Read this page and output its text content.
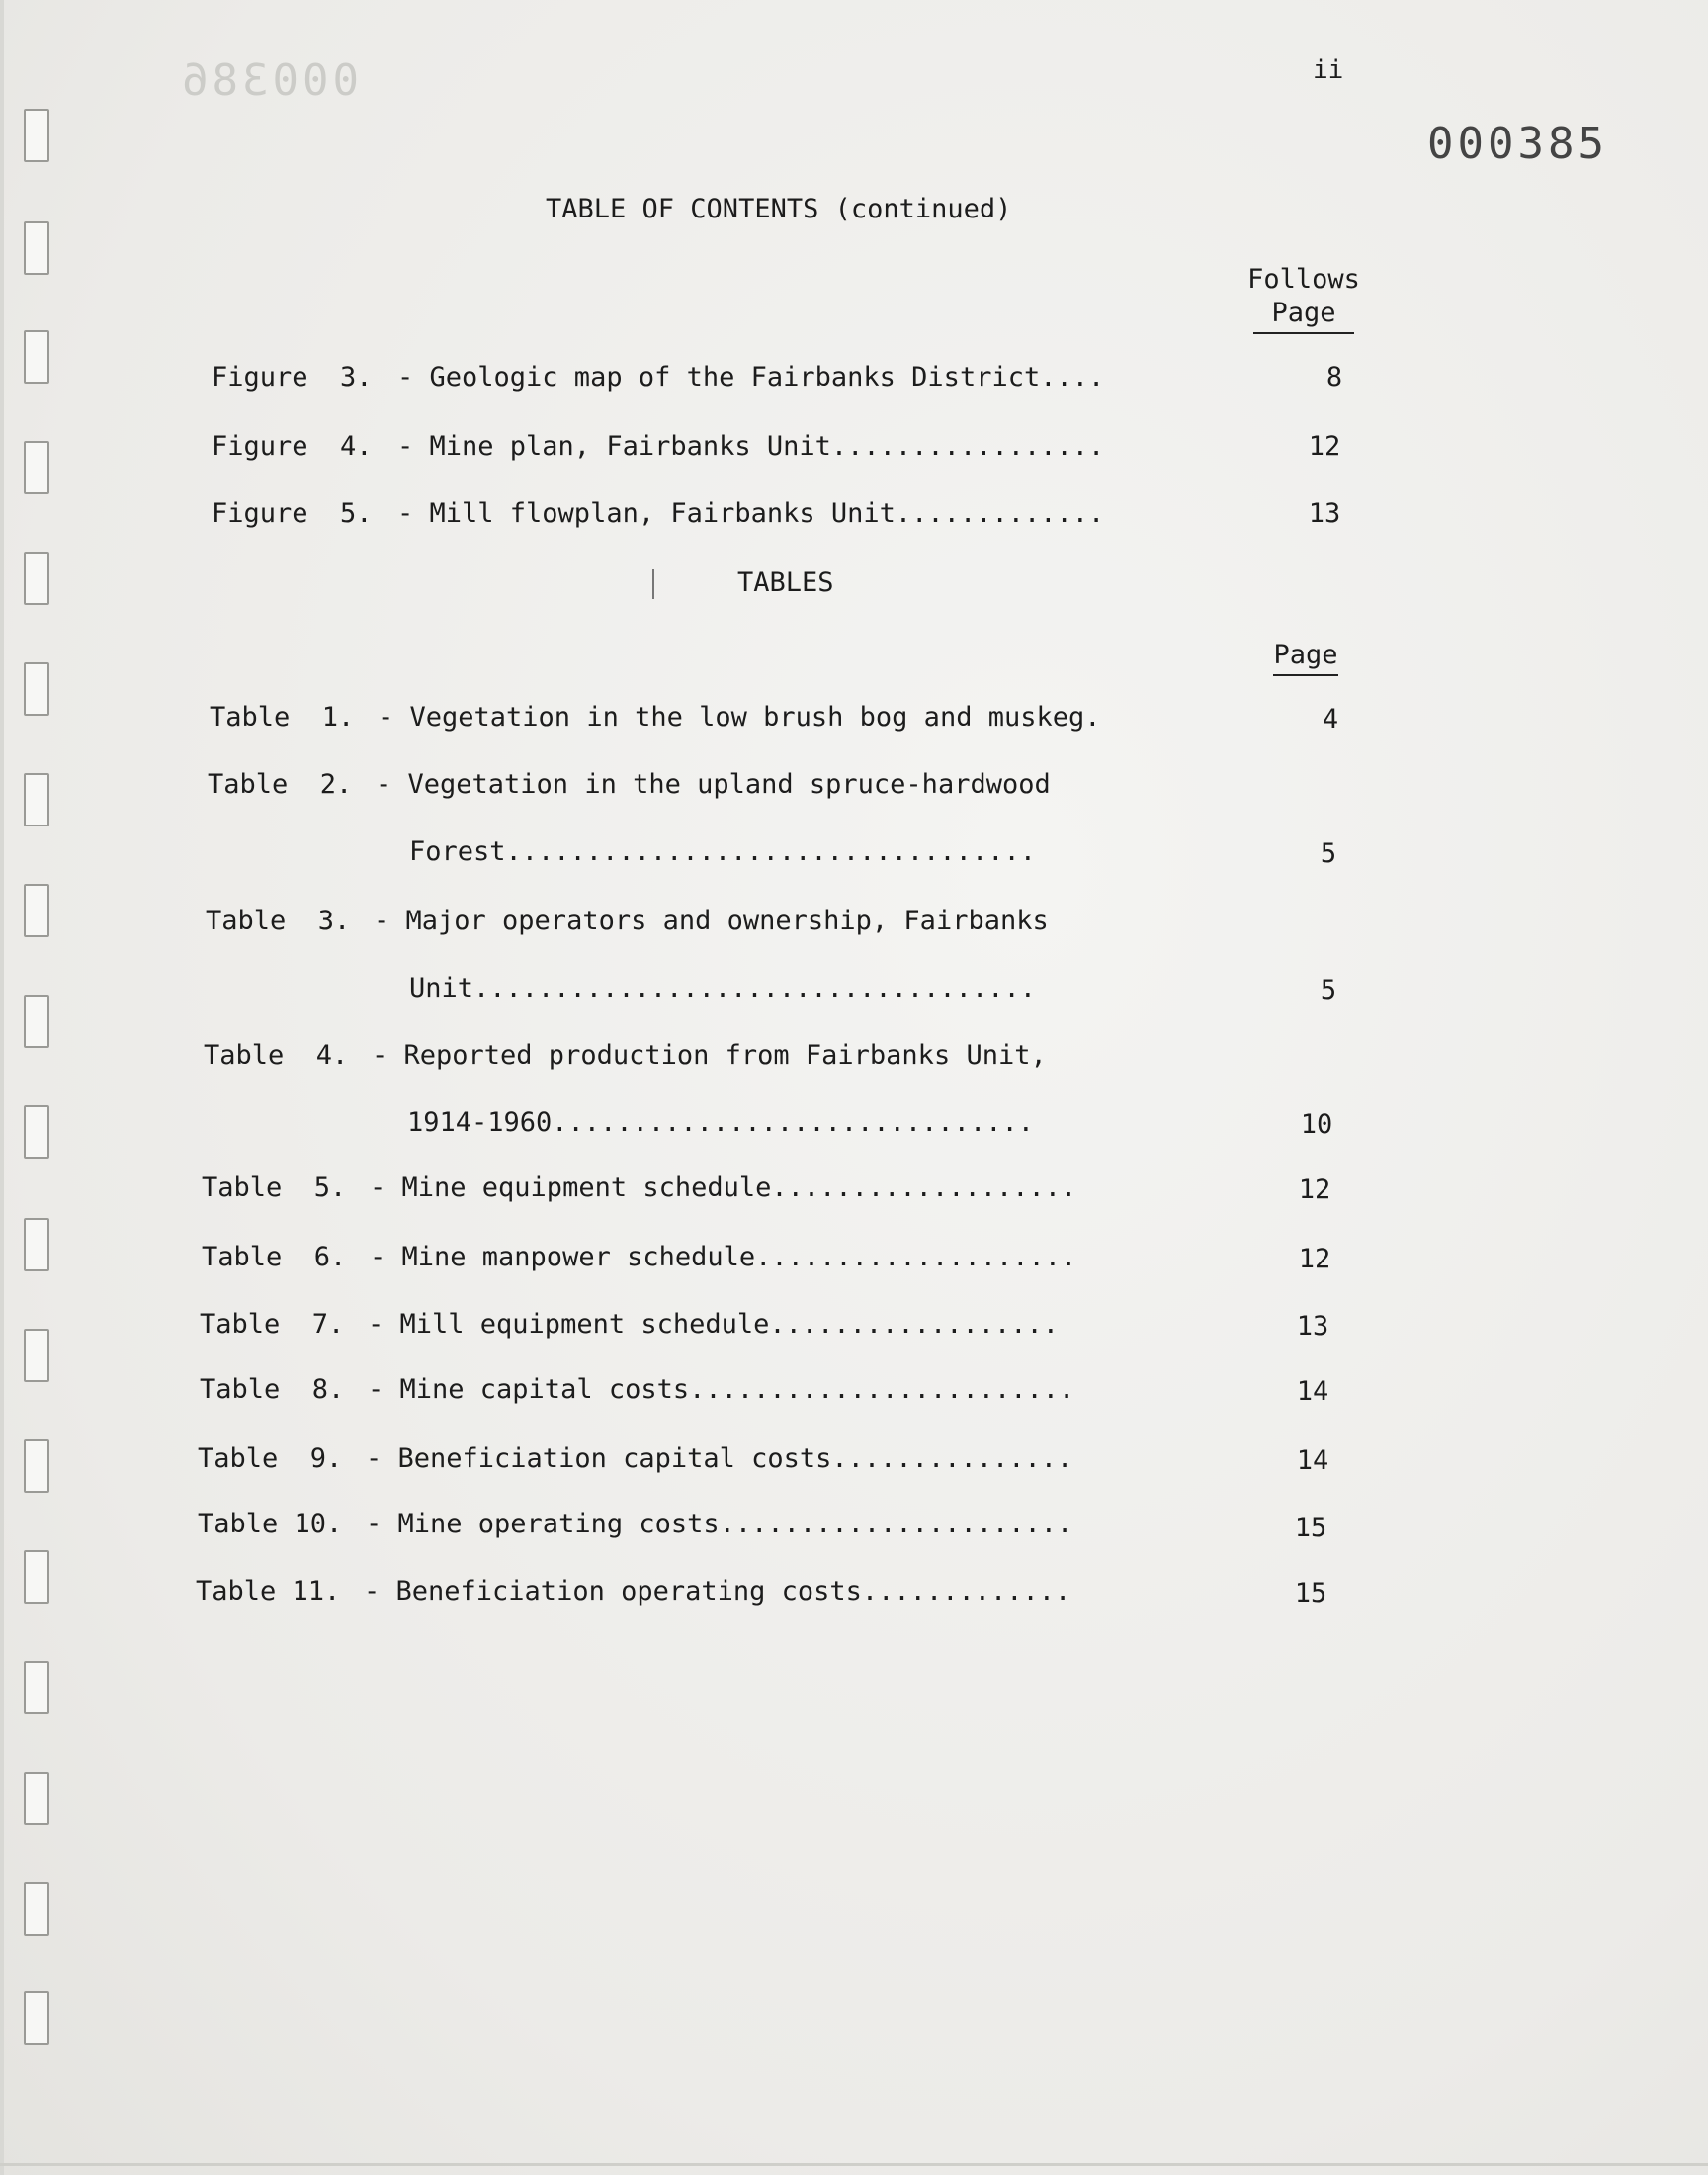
000386	ii
000385
TABLE OF CONTENTS (continued)
Follows
Page
Figure  3. - Geologic map of the Fairbanks District....	8
Figure  4. - Mine plan, Fairbanks Unit.................	12
Figure  5. - Mill flowplan, Fairbanks Unit.............	13
TABLES
Page
Table  1. - Vegetation in the low brush bog and muskeg.	4
Table  2. - Vegetation in the upland spruce-hardwood
Forest.................................	5
Table  3. - Major operators and ownership, Fairbanks
Unit...................................	5
Table  4. - Reported production from Fairbanks Unit,
1914-1960..............................	10
Table  5. - Mine equipment schedule...................	12
Table  6. - Mine manpower schedule....................	12
Table  7. - Mill equipment schedule..................	13
Table  8. - Mine capital costs........................	14
Table  9. - Beneficiation capital costs...............	14
Table 10. - Mine operating costs......................	15
Table 11. - Beneficiation operating costs.............	15
